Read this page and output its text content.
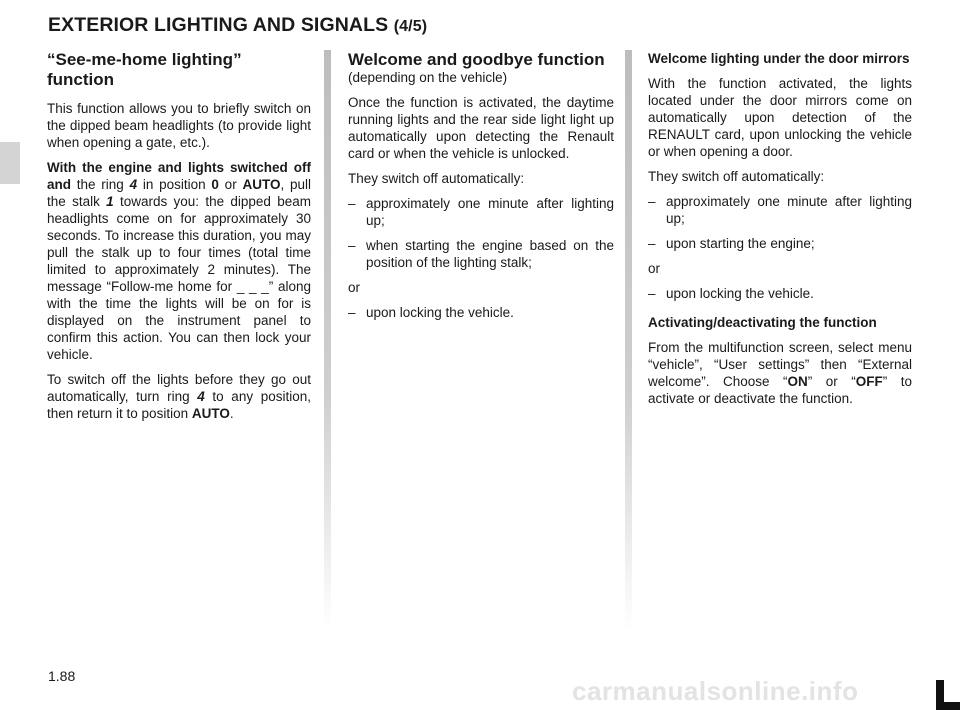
EXTERIOR LIGHTING AND SIGNALS (4/5)
“See-me-home lighting” function

This function allows you to briefly switch on the dipped beam headlights (to provide light when opening a gate, etc.).

With the engine and lights switched off and the ring 4 in position 0 or AUTO, pull the stalk 1 towards you: the dipped beam headlights come on for approximately 30 seconds. To increase this duration, you may pull the stalk up to four times (total time limited to approximately 2 minutes). The message “Follow-me home for _ _ _” along with the time the lights will be on for is displayed on the instrument panel to confirm this action. You can then lock your vehicle.

To switch off the lights before they go out automatically, turn ring 4 to any position, then return it to position AUTO.

Welcome and goodbye function
(depending on the vehicle)

Once the function is activated, the daytime running lights and the rear side light light up automatically upon detecting the Renault card or when the vehicle is unlocked.

They switch off automatically:

– approximately one minute after lighting up;
– when starting the engine based on the position of the lighting stalk;

or

– upon locking the vehicle.

Welcome lighting under the door mirrors

With the function activated, the lights located under the door mirrors come on automatically upon detection of the RENAULT card, upon unlocking the vehicle or when opening a door.

They switch off automatically:

– approximately one minute after lighting up;
– upon starting the engine;

or

– upon locking the vehicle.

Activating/deactivating the function

From the multifunction screen, select menu “vehicle”, “User settings” then “External welcome”. Choose “ON” or “OFF” to activate or deactivate the function.

1.88	carmanualsonline.info
